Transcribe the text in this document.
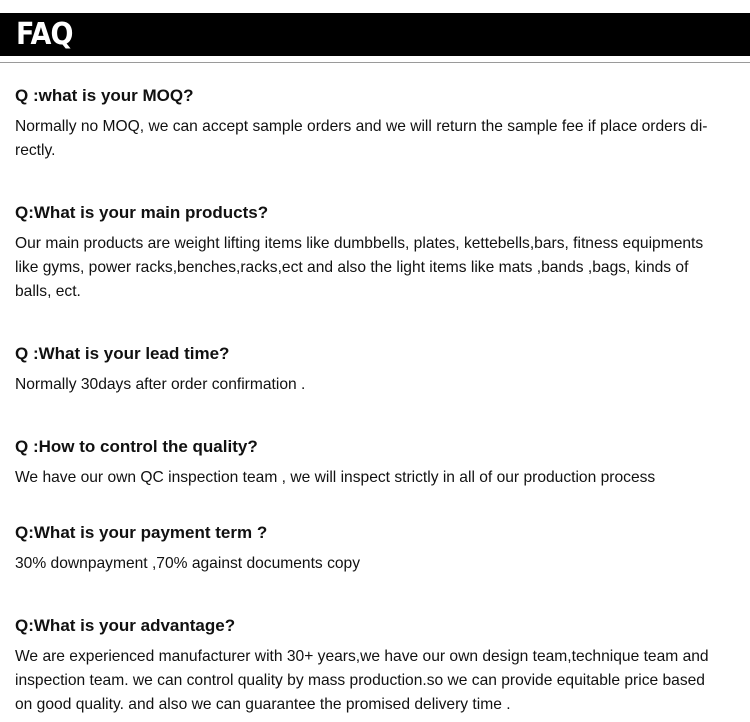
FAQ

Q :what is your MOQ?

Normally no MOQ, we can accept sample orders and we will return the sample fee if place orders di-
rectly.

Q:What is your main products?

Our main products are weight lifting items like dumbbells, plates, kettebells,bars, fitness equipments
like gyms, power racks,benches,racks,ect and also the light items like mats ,bands ,bags, kinds of
balls, ect.

Q :What is your lead time?

Normally 30days after order confirmation .

Q :How to control the quality?

We have our own QC inspection team , we will inspect strictly in all of our production process

Q:What is your payment term ?

30% downpayment ,70% against documents copy

Q:What is your advantage?

We are experienced manufacturer with 30+ years,we have our own design team,technique team and
inspection team. we can control quality by mass production.so we can provide equitable price based
on good quality. and also we can guarantee the promised delivery time .
